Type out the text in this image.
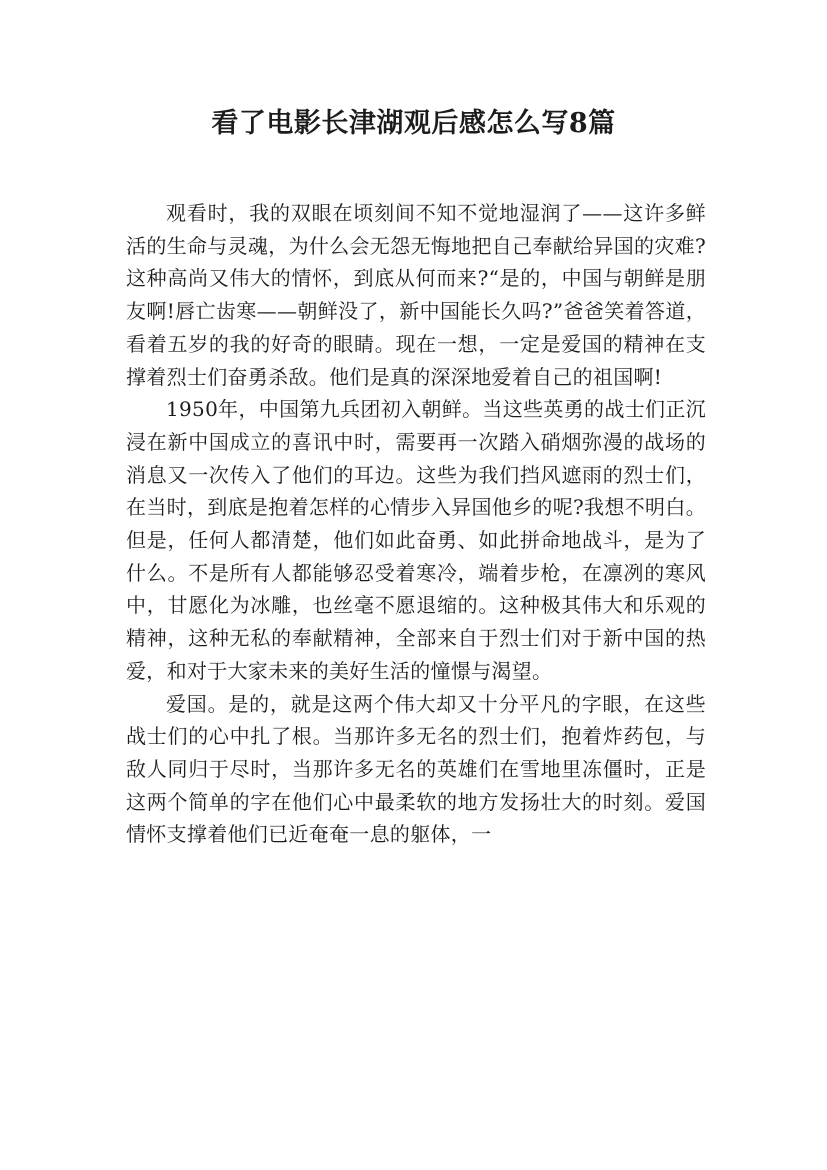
看了电影长津湖观后感怎么写8篇

观看时，我的双眼在顷刻间不知不觉地湿润了——这许多鲜活的生命与灵魂，为什么会无怨无悔地把自己奉献给异国的灾难?这种高尚又伟大的情怀，到底从何而来?“是的，中国与朝鲜是朋友啊!唇亡齿寒——朝鲜没了，新中国能长久吗?”爸爸笑着答道，看着五岁的我的好奇的眼睛。现在一想，一定是爱国的精神在支撑着烈士们奋勇杀敌。他们是真的深深地爱着自己的祖国啊!

1950年，中国第九兵团初入朝鲜。当这些英勇的战士们正沉浸在新中国成立的喜讯中时，需要再一次踏入硝烟弥漫的战场的消息又一次传入了他们的耳边。这些为我们挡风遮雨的烈士们，在当时，到底是抱着怎样的心情步入异国他乡的呢?我想不明白。但是，任何人都清楚，他们如此奋勇、如此拼命地战斗，是为了什么。不是所有人都能够忍受着寒冷，端着步枪，在凛冽的寒风中，甘愿化为冰雕，也丝毫不愿退缩的。这种极其伟大和乐观的精神，这种无私的奉献精神，全部来自于烈士们对于新中国的热爱，和对于大家未来的美好生活的憧憬与渴望。

爱国。是的，就是这两个伟大却又十分平凡的字眼，在这些战士们的心中扎了根。当那许多无名的烈士们，抱着炸药包，与敌人同归于尽时，当那许多无名的英雄们在雪地里冻僵时，正是这两个简单的字在他们心中最柔软的地方发扬壮大的时刻。爱国情怀支撑着他们已近奄奄一息的躯体，一
